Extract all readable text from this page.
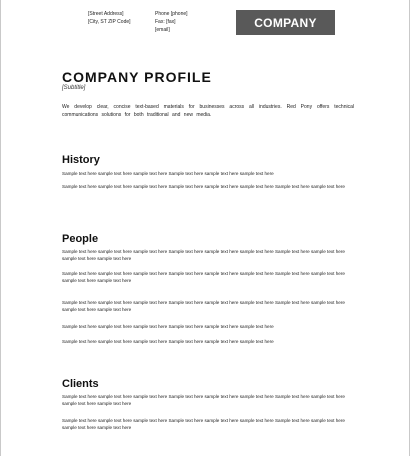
[Street Address]
[City, ST ZIP Code]
Phone [phone]
Fax: [fax]
[email]
COMPANY
COMPANY PROFILE
[Subtitle]
We develop clear, concise text-based materials for businesses across all industries. Red Pony offers technical communications solutions for both traditional and new media.
History

Sample text here sample text here sample text here Sample text here sample text here sample text here

Sample text here sample text here sample text here Sample text here sample text here sample text here Sample text here sample text here

People

Sample text here sample text here sample text here Sample text here sample text here sample text here Sample text here sample text here sample text here sample text here

Sample text here sample text here sample text here Sample text here sample text here sample text here Sample text here sample text here sample text here sample text here

Sample text here sample text here sample text here Sample text here sample text here sample text here Sample text here sample text here sample text here sample text here

Sample text here sample text here sample text here Sample text here sample text here sample text here

Sample text here sample text here sample text here Sample text here sample text here sample text here

Clients

Sample text here sample text here sample text here Sample text here sample text here sample text here Sample text here sample text here sample text here sample text here

Sample text here sample text here sample text here Sample text here sample text here sample text here Sample text here sample text here sample text here sample text here
